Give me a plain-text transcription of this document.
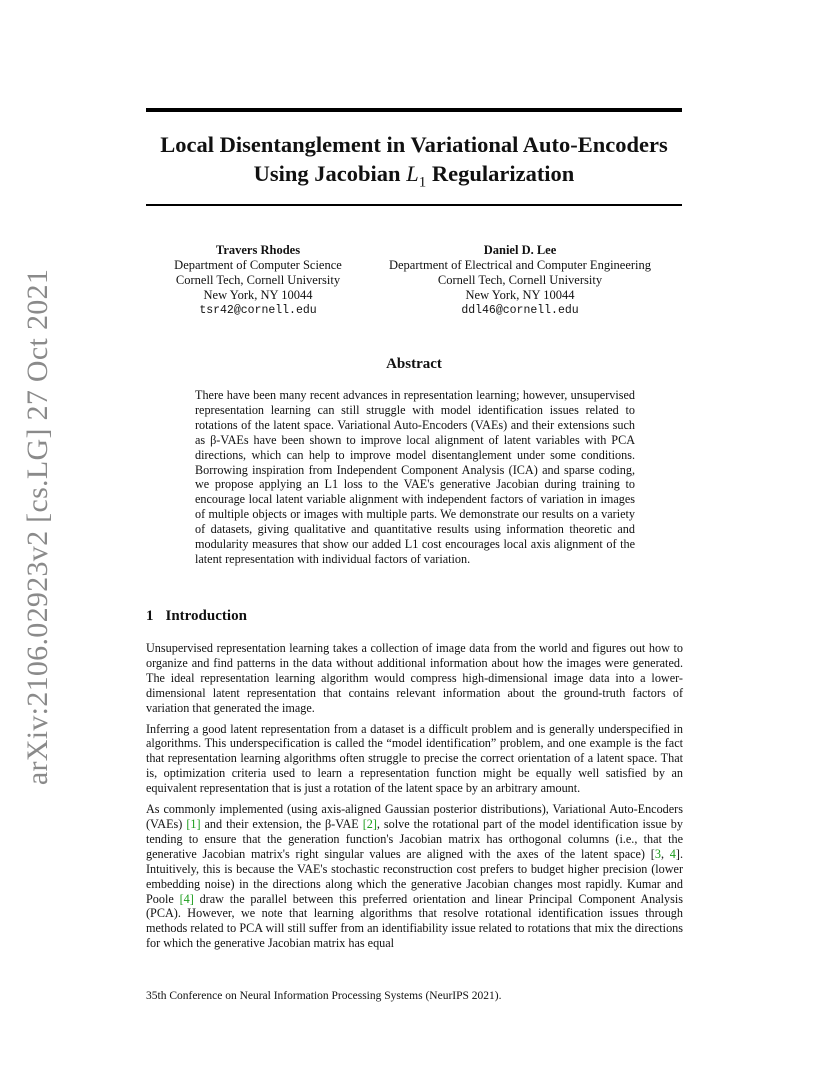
arXiv:2106.02923v2 [cs.LG] 27 Oct 2021
Local Disentanglement in Variational Auto-Encoders
Using Jacobian $L_1$ Regularization
Travers Rhodes
Department of Computer Science
Cornell Tech, Cornell University
New York, NY 10044
tsr42@cornell.edu
Daniel D. Lee
Department of Electrical and Computer Engineering
Cornell Tech, Cornell University
New York, NY 10044
ddl46@cornell.edu
Abstract
There have been many recent advances in representation learning; however, unsupervised representation learning can still struggle with model identification issues related to rotations of the latent space. Variational Auto-Encoders (VAEs) and their extensions such as β-VAEs have been shown to improve local alignment of latent variables with PCA directions, which can help to improve model disentanglement under some conditions. Borrowing inspiration from Independent Component Analysis (ICA) and sparse coding, we propose applying an L1 loss to the VAE's generative Jacobian during training to encourage local latent variable alignment with independent factors of variation in images of multiple objects or images with multiple parts. We demonstrate our results on a variety of datasets, giving qualitative and quantitative results using information theoretic and modularity measures that show our added L1 cost encourages local axis alignment of the latent representation with individual factors of variation.
1 Introduction

Unsupervised representation learning takes a collection of image data from the world and figures out how to organize and find patterns in the data without additional information about how the images were generated. The ideal representation learning algorithm would compress high-dimensional image data into a lower-dimensional latent representation that contains relevant information about the ground-truth factors of variation that generated the image.

Inferring a good latent representation from a dataset is a difficult problem and is generally underspecified in algorithms. This underspecification is called the “model identification” problem, and one example is the fact that representation learning algorithms often struggle to precise the correct orientation of a latent space. That is, optimization criteria used to learn a representation function might be equally well satisfied by an equivalent representation that is just a rotation of the latent space by an arbitrary amount.

As commonly implemented (using axis-aligned Gaussian posterior distributions), Variational Auto-Encoders (VAEs) [1] and their extension, the β-VAE [2], solve the rotational part of the model identification issue by tending to ensure that the generation function's Jacobian matrix has orthogonal columns (i.e., that the generative Jacobian matrix's right singular values are aligned with the axes of the latent space) [3, 4]. Intuitively, this is because the VAE's stochastic reconstruction cost prefers to budget higher precision (lower embedding noise) in the directions along which the generative Jacobian changes most rapidly. Kumar and Poole [4] draw the parallel between this preferred orientation and linear Principal Component Analysis (PCA). However, we note that learning algorithms that resolve rotational identification issues through methods related to PCA will still suffer from an identifiability issue related to rotations that mix the directions for which the generative Jacobian matrix has equal

35th Conference on Neural Information Processing Systems (NeurIPS 2021).
